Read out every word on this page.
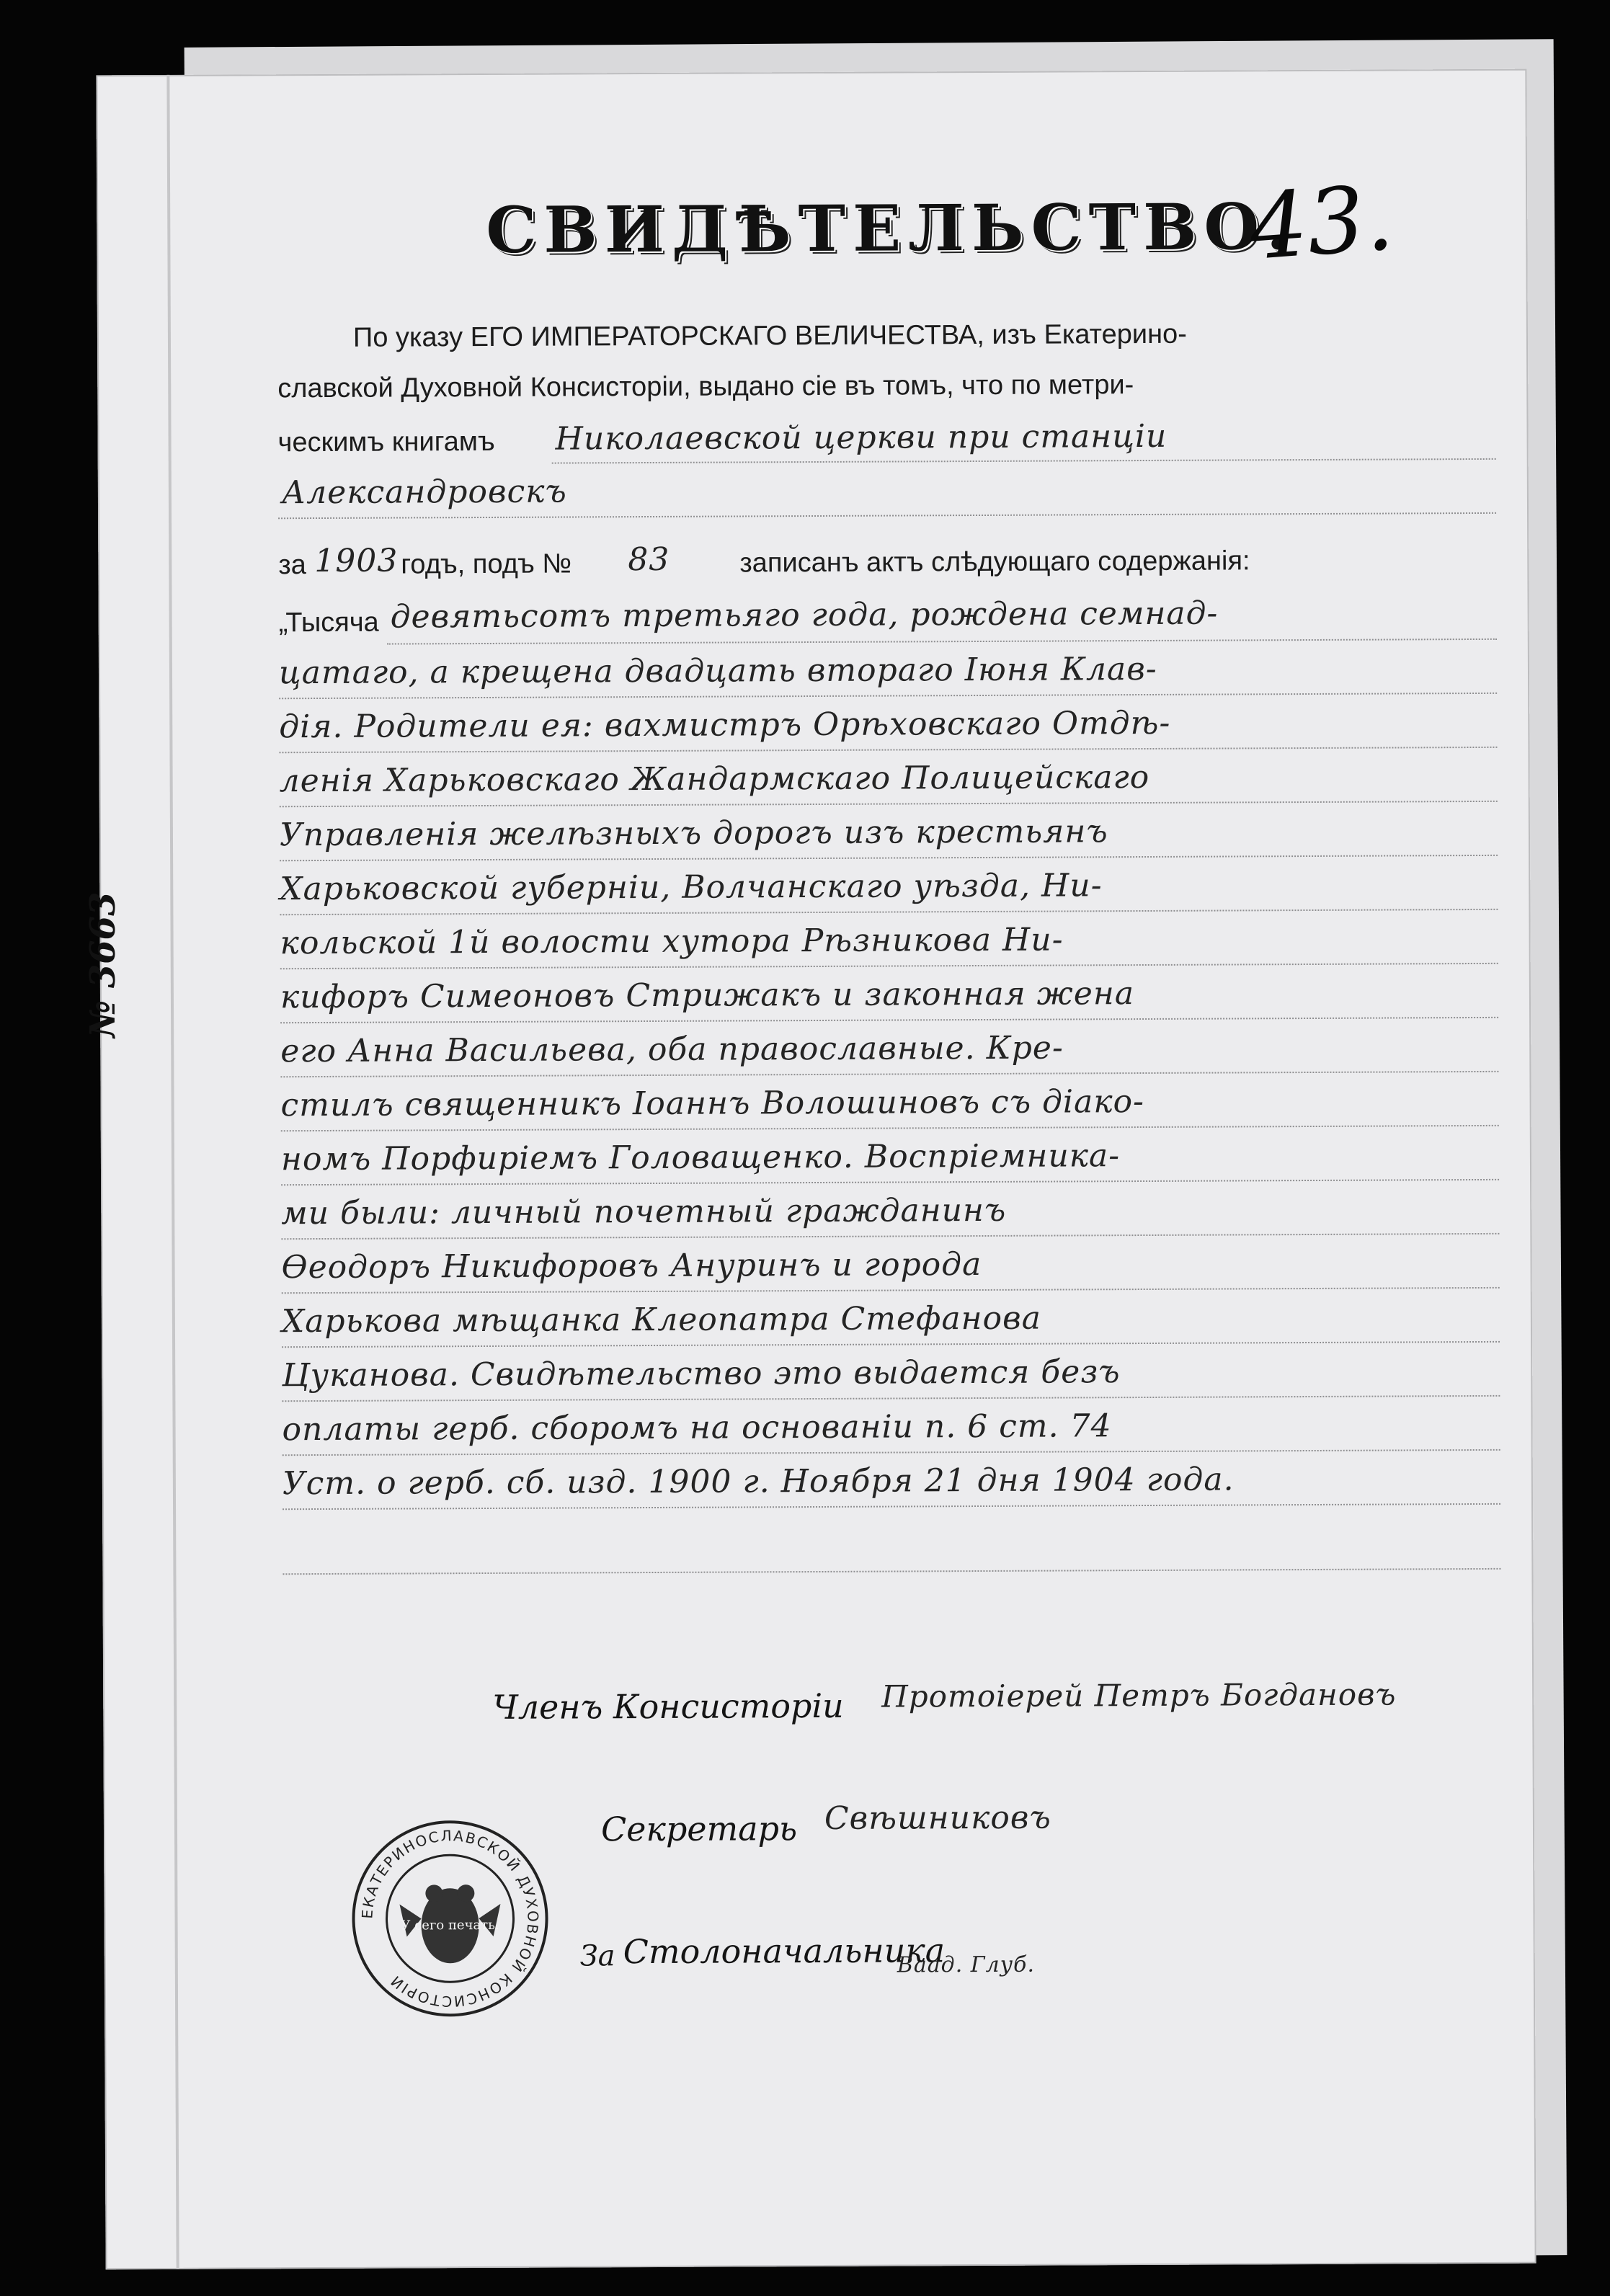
СВИДѢТЕЛЬСТВО.
43.
По указу ЕГО ИМПЕРАТОРСКАГО ВЕЛИЧЕСТВА, изъ Екатерино-
славской Духовной Консисторіи, выдано сіе въ томъ, что по метри-
ческимъ книгамъ Николаевской церкви при станціи
Александровскъ
за 1903 годъ, подъ № 83	записанъ актъ слѣдующаго содержанія:
„Тысяча девятьсотъ третьяго года, рождена семнад-
цатаго, а крещена двадцать втораго Іюня Клав-
дія. Родители ея: вахмистръ Орѣховскаго Отдѣ-
ленія Харьковскаго Жандармскаго Полицейскаго
Управленія желѣзныхъ дорогъ изъ крестьянъ
Харьковской губерніи, Волчанскаго уѣзда, Ни-
кольской 1й волости хутора Рѣзникова Ни-
кифоръ Симеоновъ Стрижакъ и законная жена
его Анна Васильева, оба православные. Кре-
стилъ священникъ Іоаннъ Волошиновъ съ діако-
номъ Порфиріемъ Головащенко. Воспріемника-
ми были: личный почетный гражданинъ
Өеодоръ Никифоровъ Ануринъ и города
Харькова мѣщанка Клеопатра Стефанова
Цуканова. Свидѣтельство это выдается безъ
оплаты герб. сборомъ на основаніи п. 6 ст. 74
Уст. о герб. сб. изд. 1900 г. Ноября 21 дня 1904 года.
Членъ Консисторіи Протоіерей Петръ Богдановъ
Секретарь Свѣшниковъ
За Столоначальника
Ваад. Глуб.
ЕКАТЕРИНОСЛАВСКОЙ ДУХОВНОЙ КОНСИСТОРІИ
У сего печать.
№ 3663
